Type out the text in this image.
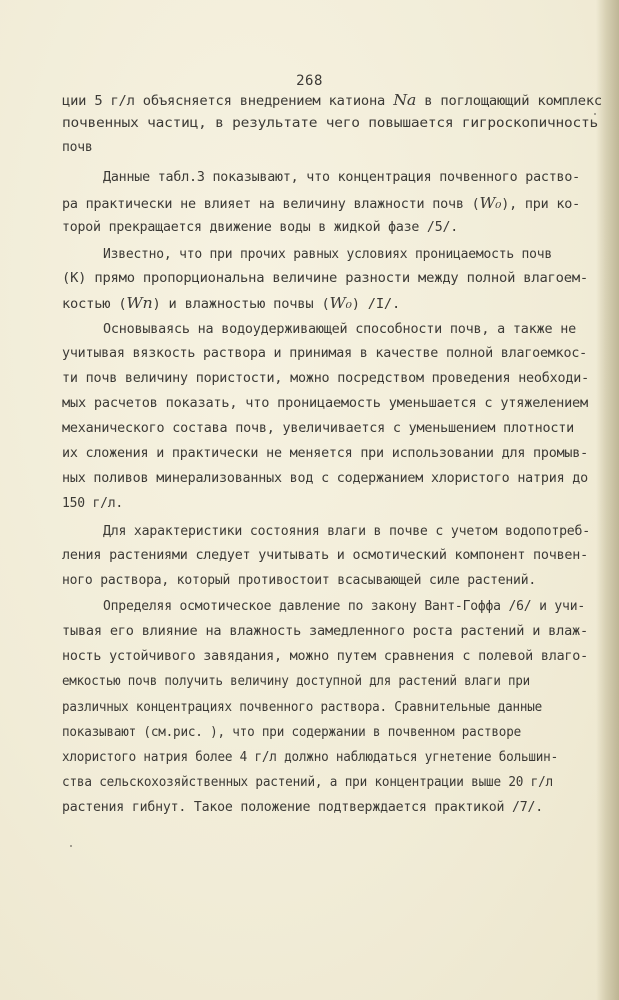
268
ции 5 г/л объясняется внедрением катиона Na в поглощающий комплекс
почвенных частиц, в результате чего повышается гигроскопичность
почв
Данные табл.3 показывают, что концентрация почвенного раство-
ра практически не влияет на величину влажности почв (W₀), при ко-
торой прекращается движение воды в жидкой фазе /5/.
Известно, что при прочих равных условиях проницаемость почв
(К) прямо пропорциональна величине разности между полной влагоем-
костью (Wn) и влажностью почвы (W₀) /I/.
Основываясь на водоудерживающей способности почв, а также не
учитывая вязкость раствора и принимая в качестве полной влагоемкос-
ти почв величину пористости, можно посредством проведения необходи-
мых расчетов показать, что проницаемость уменьшается с утяжелением
механического состава почв, увеличивается с уменьшением плотности
их сложения и практически не меняется при использовании для промыв-
ных поливов минерализованных вод с содержанием хлористого натрия до
150 г/л.
Для характеристики состояния влаги в почве с учетом водопотреб-
ления растениями следует учитывать и осмотический компонент почвен-
ного раствора, который противостоит всасывающей силе растений.
Определяя осмотическое давление по закону Вант-Гоффа /6/ и учи-
тывая его влияние на влажность замедленного роста растений и влаж-
ность устойчивого завядания, можно путем сравнения с полевой влаго-
емкостью почв получить величину доступной для растений влаги при
различных концентрациях почвенного раствора. Сравнительные данные
показывают (см.рис. ), что при содержании в почвенном растворе
хлористого натрия более 4 г/л должно наблюдаться угнетение большин-
ства сельскохозяйственных растений, а при концентрации выше 20 г/л
растения гибнут. Такое положение подтверждается практикой /7/.
